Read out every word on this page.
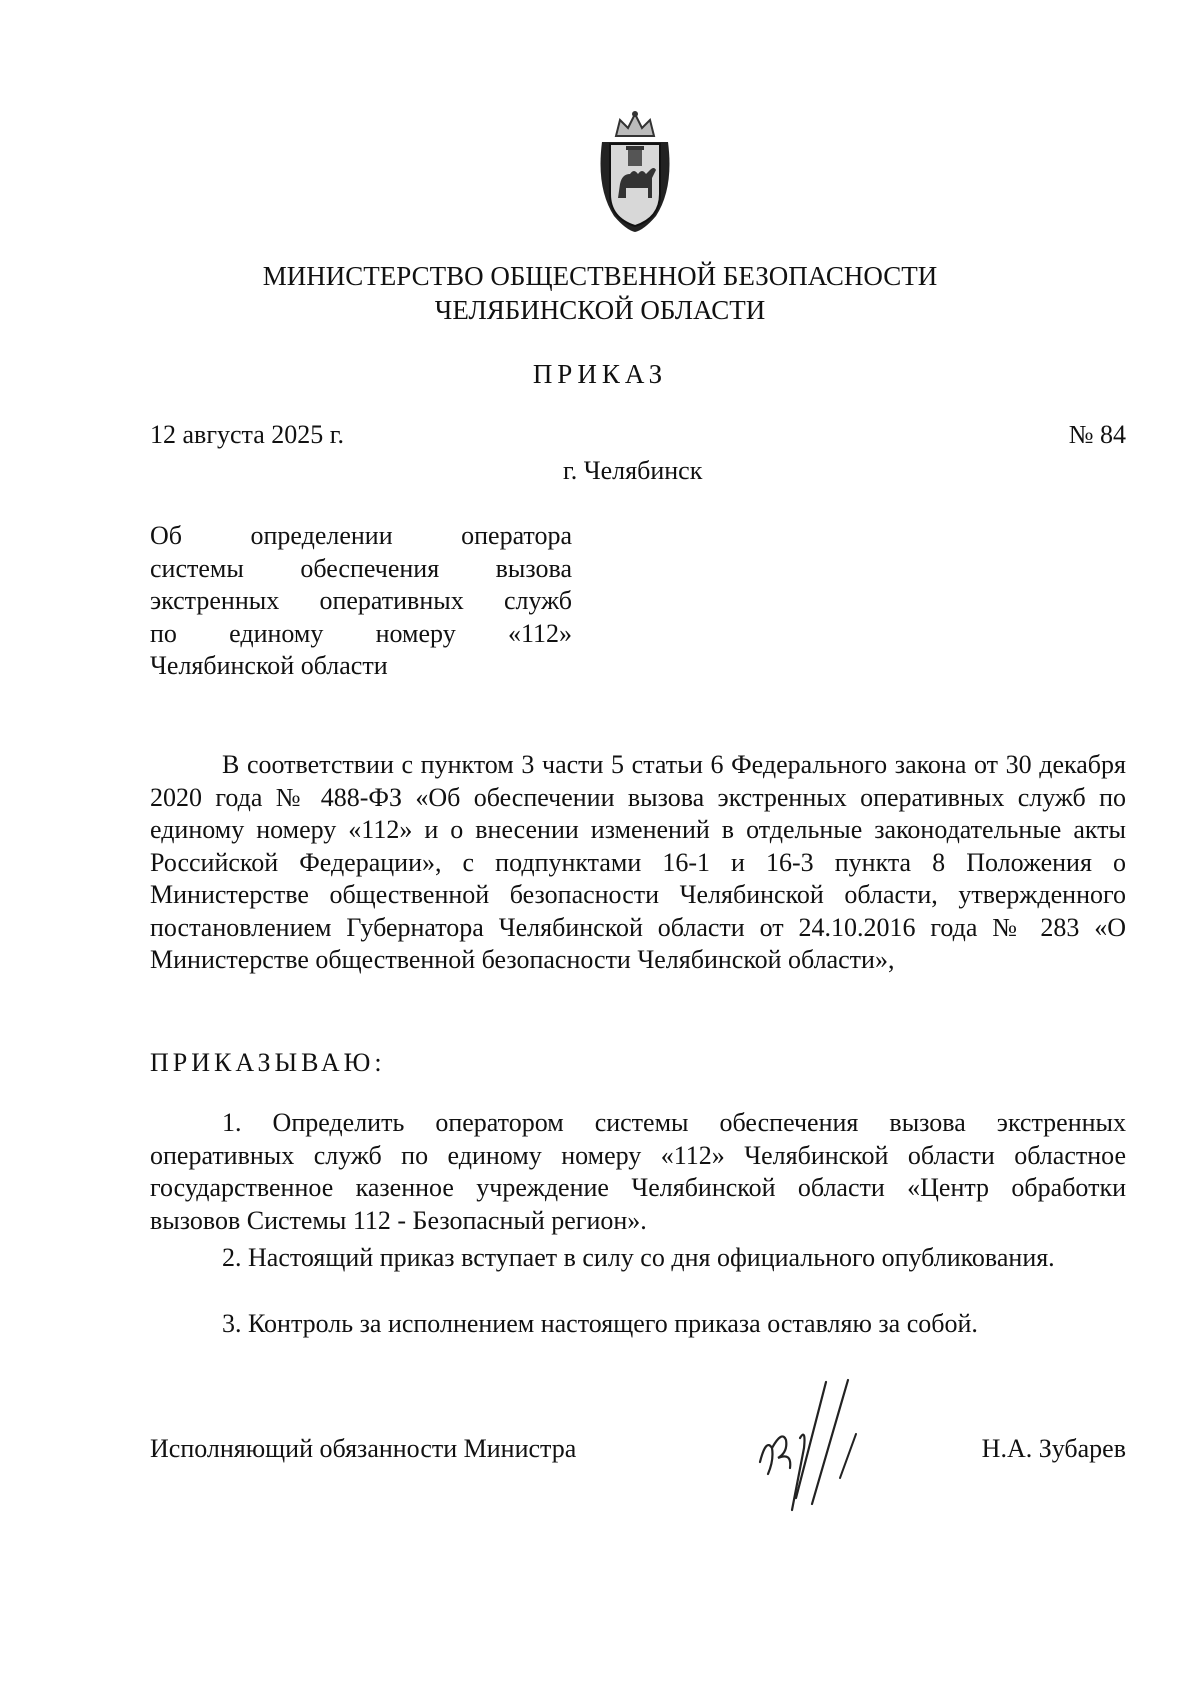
МИНИСТЕРСТВО ОБЩЕСТВЕННОЙ БЕЗОПАСНОСТИ
ЧЕЛЯБИНСКОЙ ОБЛАСТИ
ПРИКАЗ
12 августа 2025 г.	№ 84
г. Челябинск
Об определении оператора
системы обеспечения вызова
экстренных оперативных служб
по единому номеру «112»
Челябинской области
В соответствии с пунктом 3 части 5 статьи 6 Федерального закона от 30 декабря 2020 года № 488-ФЗ «Об обеспечении вызова экстренных оперативных служб по единому номеру «112» и о внесении изменений в отдельные законодательные акты Российской Федерации», с подпунктами 16-1 и 16-3 пункта 8 Положения о Министерстве общественной безопасности Челябинской области, утвержденного постановлением Губернатора Челябинской области от 24.10.2016 года № 283 «О Министерстве общественной безопасности Челябинской области»,
ПРИКАЗЫВАЮ:
1. Определить оператором системы обеспечения вызова экстренных оперативных служб по единому номеру «112» Челябинской области областное государственное казенное учреждение Челябинской области «Центр обработки вызовов Системы 112 - Безопасный регион».
2. Настоящий приказ вступает в силу со дня официального опубликования.
3. Контроль за исполнением настоящего приказа оставляю за собой.
Исполняющий обязанности Министра	Н.А. Зубарев
